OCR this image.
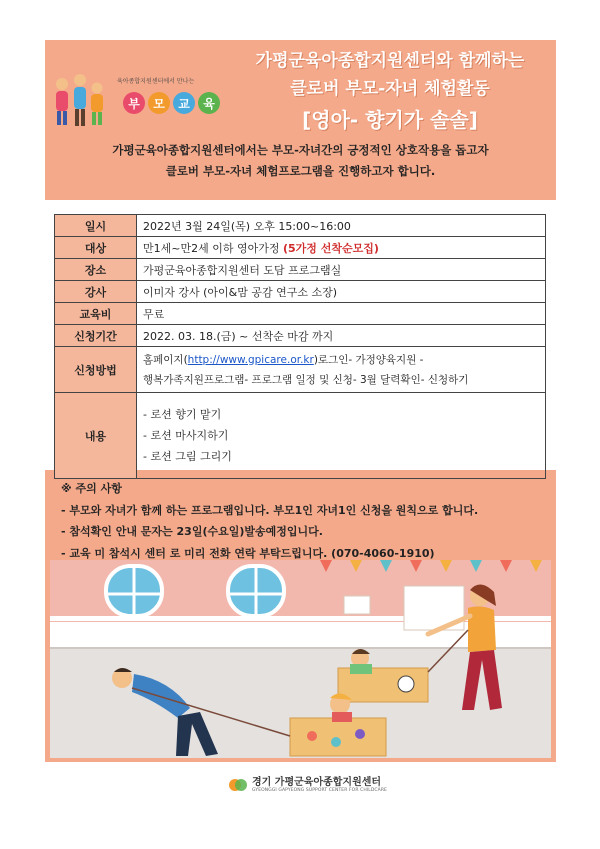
육아종합지원센터에서 만나는
부	모	교	육
가평군육아종합지원센터와 함께하는
클로버 부모-자녀 체험활동
[영아- 향기가 솔솔]
가평군육아종합지원센터에서는 부모-자녀간의 긍정적인 상호작용을 돕고자
클로버 부모-자녀 체험프로그램을 진행하고자 합니다.
일시	2022년 3월 24일(목) 오후 15:00~16:00
대상	만1세~만2세 이하 영아가정 (5가정 선착순모집)
장소	가평군육아종합지원센터 도담 프로그램실
강사	이미자 강사 (아이&맘 공감 연구소 소장)
교육비	무료
신청기간	2022. 03. 18.(금) ~ 선착순 마감 까지
신청방법	홈페이지(http://www.gpicare.or.kr)로그인- 가정양육지원 -
행복가족지원프로그램- 프로그램 일정 및 신청- 3월 달력확인- 신청하기

내용	- 로션 향기 맡기
- 로션 마사지하기
- 로션 그림 그리기
※ 주의 사항
- 부모와 자녀가 함께 하는 프로그램입니다. 부모1인 자녀1인 신청을 원칙으로 합니다.
- 참석확인 안내 문자는 23일(수요일)발송예정입니다.
- 교육 미 참석시 센터 로 미리 전화 연락 부탁드립니다. (070-4060-1910)
경기 가평군육아종합지원센터
GYEONGGI GAPYEONG SUPPORT CENTER FOR CHILDCARE
